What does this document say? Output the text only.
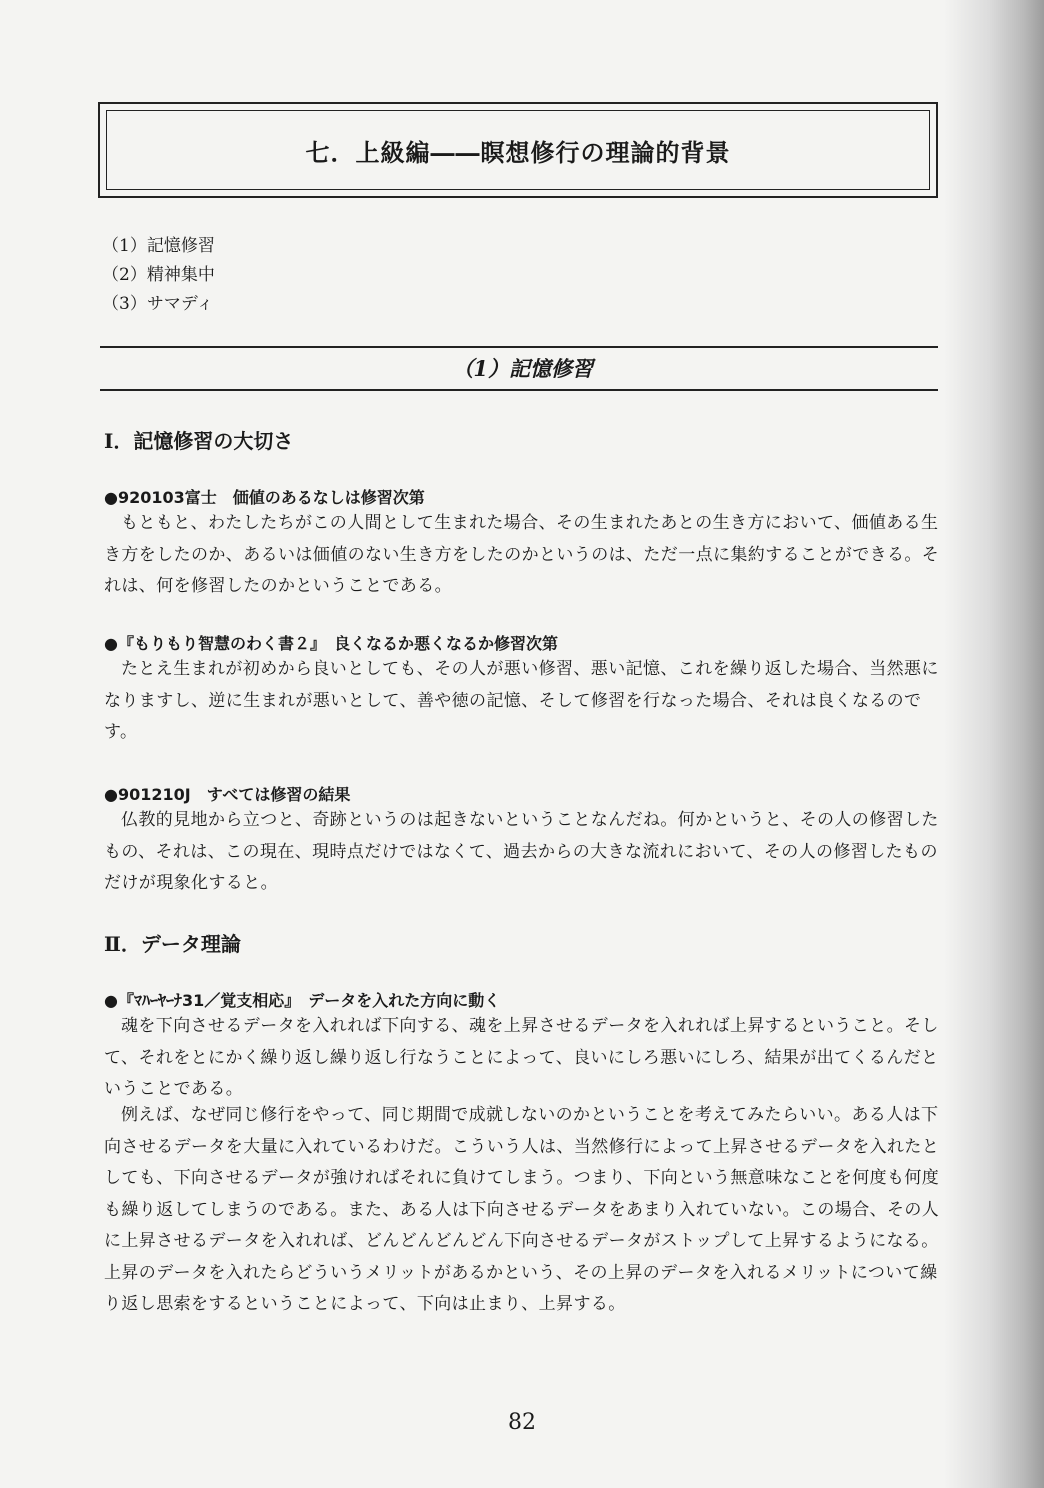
七．上級編――瞑想修行の理論的背景
（1）記憶修習
（2）精神集中
（3）サマディ
（1）記憶修習
Ⅰ．記憶修習の大切さ
●920103富士　価値のあるなしは修習次第
もともと、わたしたちがこの人間として生まれた場合、その生まれたあとの生き方において、価値ある生き方をしたのか、あるいは価値のない生き方をしたのかというのは、ただ一点に集約することができる。それは、何を修習したのかということである。
●『もりもり智慧のわく書２』　良くなるか悪くなるか修習次第
たとえ生まれが初めから良いとしても、その人が悪い修習、悪い記憶、これを繰り返した場合、当然悪になりますし、逆に生まれが悪いとして、善や徳の記憶、そして修習を行なった場合、それは良くなるのです。
●901210J　すべては修習の結果
仏教的見地から立つと、奇跡というのは起きないということなんだね。何かというと、その人の修習したもの、それは、この現在、現時点だけではなくて、過去からの大きな流れにおいて、その人の修習したものだけが現象化すると。
Ⅱ．データ理論
●『ﾏﾊｰﾔｰﾅ31／覚支相応』　データを入れた方向に動く
魂を下向させるデータを入れれば下向する、魂を上昇させるデータを入れれば上昇するということ。そして、それをとにかく繰り返し繰り返し行なうことによって、良いにしろ悪いにしろ、結果が出てくるんだということである。
例えば、なぜ同じ修行をやって、同じ期間で成就しないのかということを考えてみたらいい。ある人は下向させるデータを大量に入れているわけだ。こういう人は、当然修行によって上昇させるデータを入れたとしても、下向させるデータが強ければそれに負けてしまう。つまり、下向という無意味なことを何度も何度も繰り返してしまうのである。また、ある人は下向させるデータをあまり入れていない。この場合、その人に上昇させるデータを入れれば、どんどんどんどん下向させるデータがストップして上昇するようになる。上昇のデータを入れたらどういうメリットがあるかという、その上昇のデータを入れるメリットについて繰り返し思索をするということによって、下向は止まり、上昇する。
82
